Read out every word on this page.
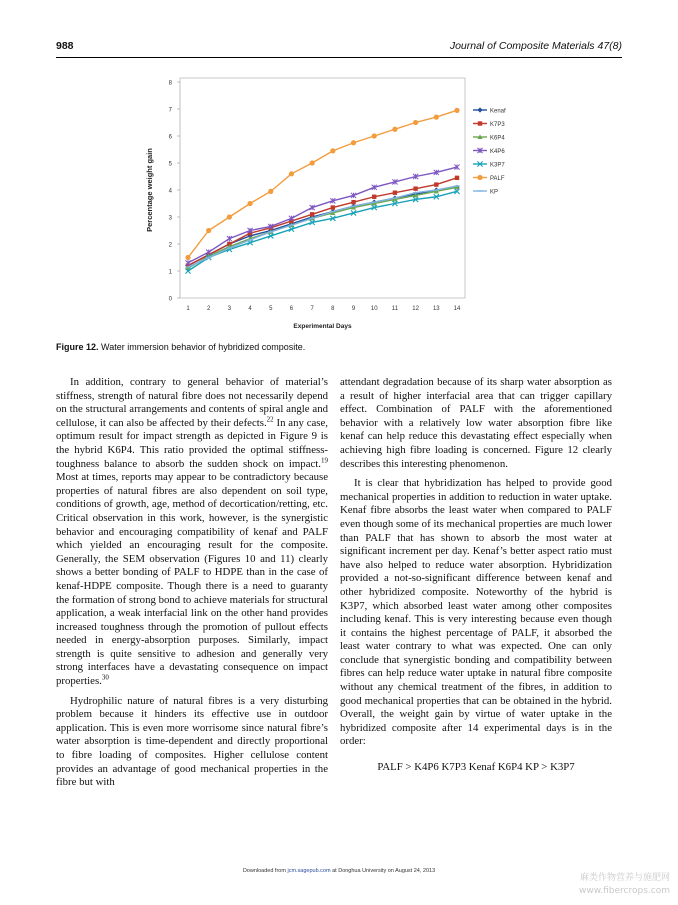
988	Journal of Composite Materials 47(8)
0
1
2
3
4
5
6
7
8
1	2	3	4	5	6	7	8	9	10 11 12 13 14
Experimental Days
Percentage weight gain
Kenaf
K7P3
K6P4
K4P6
K3P7
PALF
KP
Figure 12. Water immersion behavior of hybridized composite.

In addition, contrary to general behavior of material’s stiffness, strength of natural fibre does not necessarily depend on the structural arrangements and contents of spiral angle and cellulose, it can also be affected by their defects.$^{22}$ In any case, optimum result for impact strength as depicted in Figure 9 is the hybrid K6P4. This ratio provided the optimal stiffness-toughness balance to absorb the sudden shock on impact.$^{19}$ Most at times, reports may appear to be contradictory because properties of natural fibres are also dependent on soil type, conditions of growth, age, method of decortication/retting, etc. Critical observation in this work, however, is the synergistic behavior and encouraging compatibility of kenaf and PALF which yielded an encouraging result for the composite. Generally, the SEM observation (Figures 10 and 11) clearly shows a better bonding of PALF to HDPE than in the case of kenaf-HDPE composite. Though there is a need to guaranty the formation of strong bond to achieve materials for structural application, a weak interfacial link on the other hand provides increased toughness through the promotion of pullout effects needed in energy-absorption purposes. Similarly, impact strength is quite sensitive to adhesion and generally very strong interfaces have a devastating consequence on impact properties.$^{30}$

Hydrophilic nature of natural fibres is a very disturbing problem because it hinders its effective use in outdoor application. This is even more worrisome since natural fibre’s water absorption is time-dependent and directly proportional to fibre loading of composites. Higher cellulose content provides an advantage of good mechanical properties in the fibre but with

attendant degradation because of its sharp water absorption as a result of higher interfacial area that can trigger capillary effect. Combination of PALF with the aforementioned behavior with a relatively low water absorption fibre like kenaf can help reduce this devastating effect especially when achieving high fibre loading is concerned. Figure 12 clearly describes this interesting phenomenon.

It is clear that hybridization has helped to provide good mechanical properties in addition to reduction in water uptake. Kenaf fibre absorbs the least water when compared to PALF even though some of its mechanical properties are much lower than PALF that has shown to absorb the most water at significant increment per day. Kenaf’s better aspect ratio must have also helped to reduce water absorption. Hybridization provided a not-so-significant difference between kenaf and other hybridized composite. Noteworthy of the hybrid is K3P7, which absorbed least water among other composites including kenaf. This is very interesting because even though it contains the highest percentage of PALF, it absorbed the least water contrary to what was expected. One can only conclude that synergistic bonding and compatibility between fibres can help reduce water uptake in natural fibre composite without any chemical treatment of the fibres, in addition to good mechanical properties that can be obtained in the hybrid. Overall, the weight gain by virtue of water uptake in the hybridized composite after 14 experimental days is in the order:

PALF > K4P6 K7P3 Kenaf K6P4 KP > K3P7

Downloaded from jcm.sagepub.com at Donghua University on August 24, 2013
麻类作物营养与施肥网
www.fibercrops.com
